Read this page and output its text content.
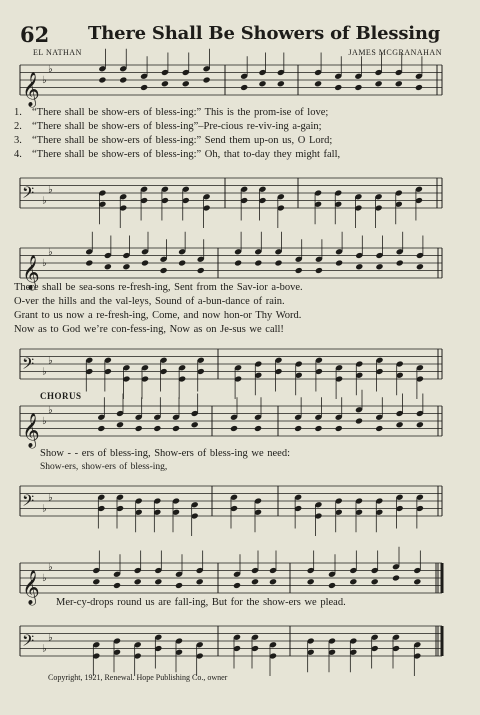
62 There Shall Be Showers of Blessing
EL NATHAN	JAMES MCGRANAHAN
𝄞 ♭
♭
1. “There shall be show-ers of bless-ing:” This is the prom-ise of love;
2. “There shall be show-ers of bless-ing”–Pre-cious re-viv-ing a-gain;
3. “There shall be show-ers of bless-ing:” Send them up-on us, O Lord;
4. “There shall be show-ers of bless-ing:” Oh, that to-day they might fall,
𝄢 ♭
♭
𝄞 ♭
♭
There shall be sea-sons re-fresh-ing, Sent from the Sav-ior a-bove.
O-ver the hills and the val-leys, Sound of a-bun-dance of rain.
Grant to us now a re-fresh-ing, Come, and now hon-or Thy Word.
Now as to God we’re con-fess-ing, Now as on Je-sus we call!
𝄢 ♭
♭
CHORUS
𝄞 ♭
♭
Show - - ers of bless-ing, Show-ers of bless-ing we need:
Show-ers, show-ers of bless-ing,
𝄢 ♭
♭
𝄞 ♭
♭
Mer-cy-drops round us are fall-ing, But for the show-ers we plead.
𝄢 ♭
♭
Copyright, 1921, Renewal. Hope Publishing Co., owner
